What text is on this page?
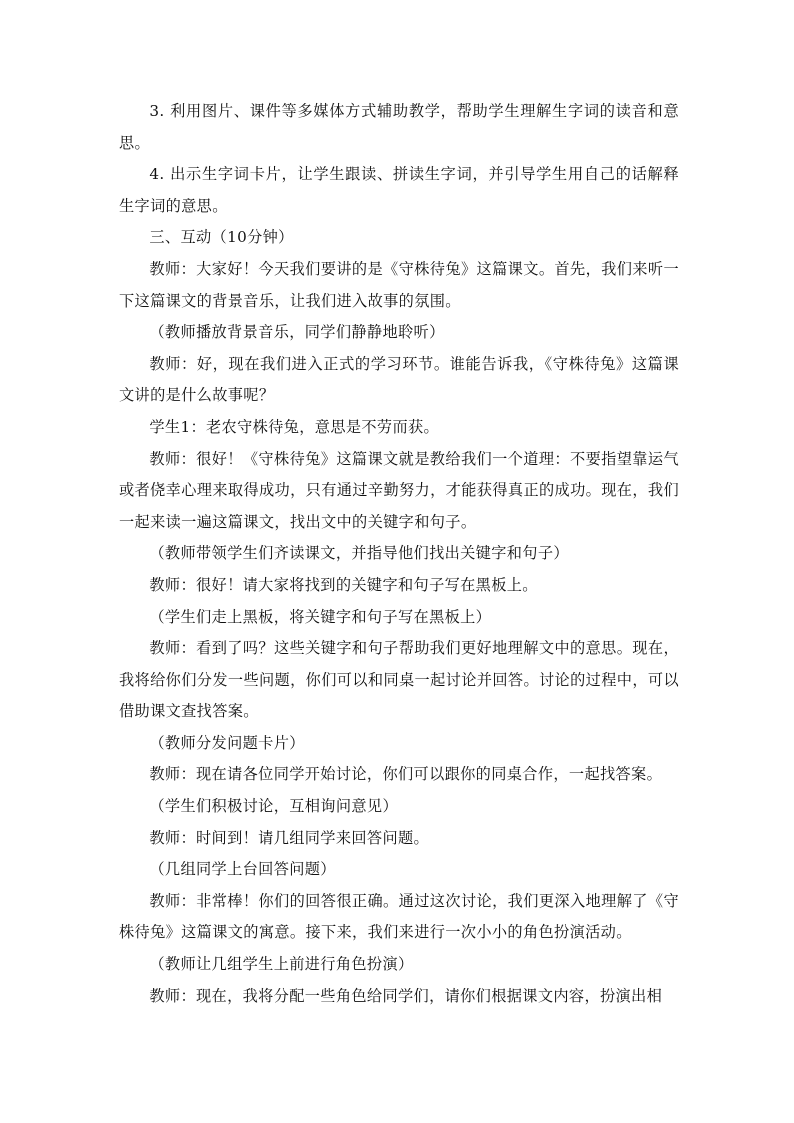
3. 利用图片、课件等多媒体方式辅助教学，帮助学生理解生字词的读音和意思。

4. 出示生字词卡片，让学生跟读、拼读生字词，并引导学生用自己的话解释生字词的意思。

三、互动（10分钟）

教师：大家好！今天我们要讲的是《守株待兔》这篇课文。首先，我们来听一下这篇课文的背景音乐，让我们进入故事的氛围。

（教师播放背景音乐，同学们静静地聆听）

教师：好，现在我们进入正式的学习环节。谁能告诉我，《守株待兔》这篇课文讲的是什么故事呢？

学生1：老农守株待兔，意思是不劳而获。

教师：很好！《守株待兔》这篇课文就是教给我们一个道理：不要指望靠运气或者侥幸心理来取得成功，只有通过辛勤努力，才能获得真正的成功。现在，我们一起来读一遍这篇课文，找出文中的关键字和句子。

（教师带领学生们齐读课文，并指导他们找出关键字和句子）

教师：很好！请大家将找到的关键字和句子写在黑板上。

（学生们走上黑板，将关键字和句子写在黑板上）

教师：看到了吗？这些关键字和句子帮助我们更好地理解文中的意思。现在，我将给你们分发一些问题，你们可以和同桌一起讨论并回答。讨论的过程中，可以借助课文查找答案。

（教师分发问题卡片）

教师：现在请各位同学开始讨论，你们可以跟你的同桌合作，一起找答案。

（学生们积极讨论，互相询问意见）

教师：时间到！请几组同学来回答问题。

（几组同学上台回答问题）

教师：非常棒！你们的回答很正确。通过这次讨论，我们更深入地理解了《守株待兔》这篇课文的寓意。接下来，我们来进行一次小小的角色扮演活动。

（教师让几组学生上前进行角色扮演）

教师：现在，我将分配一些角色给同学们，请你们根据课文内容，扮演出相
